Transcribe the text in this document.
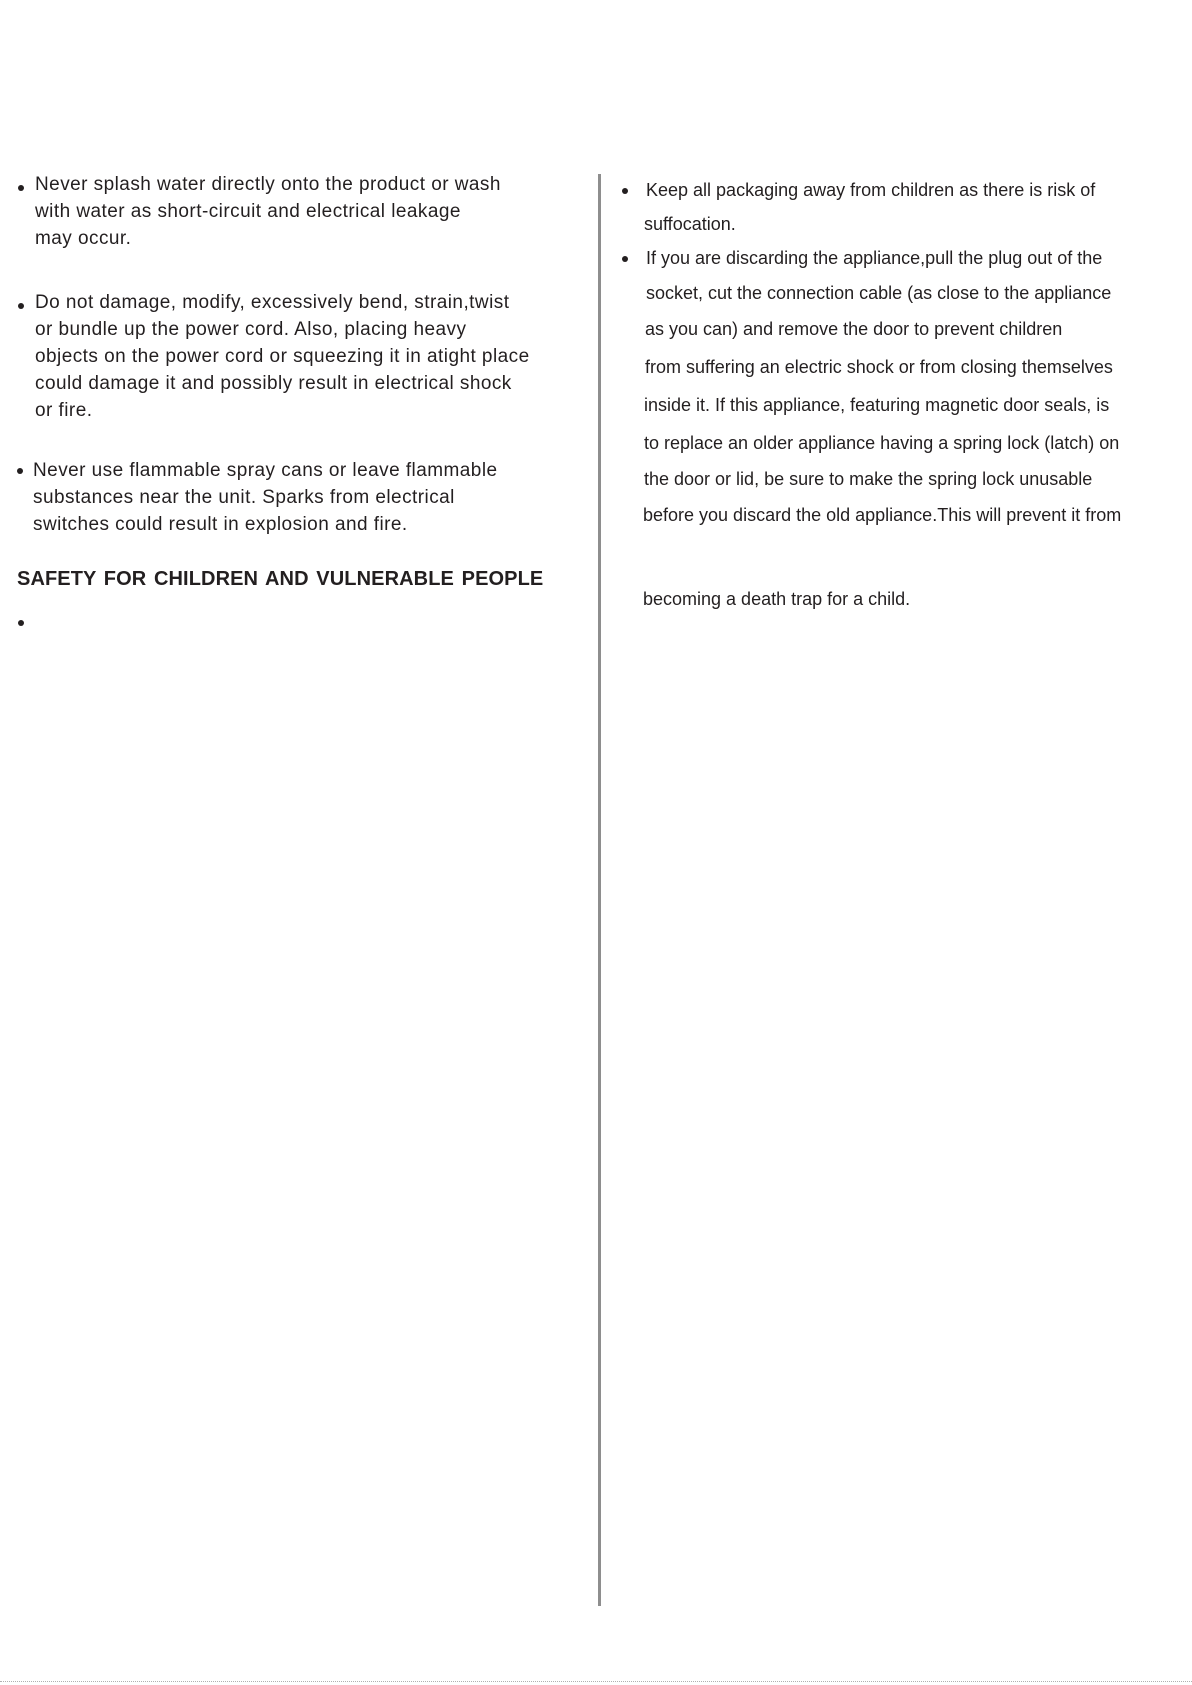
Never splash water directly onto the product or wash
with water as short-circuit and electrical leakage
may occur.
Do not damage, modify, excessively bend, strain,twist
or bundle up the power cord. Also, placing heavy
objects on the power cord or squeezing it in atight place
could damage it and possibly result in electrical shock
or fire.
Never use flammable spray cans or leave flammable
substances near the unit. Sparks from electrical
switches could result in explosion and fire.
SAFETY FOR CHILDREN AND VULNERABLE PEOPLE
Keep all packaging away from children as there is risk of
suffocation.
If you are discarding the appliance,pull the plug out of the
socket, cut the connection cable (as close to the appliance
as you can) and remove the door to prevent children
from suffering an electric shock or from closing themselves
inside it. If this appliance, featuring magnetic door seals, is
to replace an older appliance having a spring lock (latch) on
the door or lid, be sure to make the spring lock unusable
before you discard the old appliance.This will prevent it from
becoming a death trap for a child.
